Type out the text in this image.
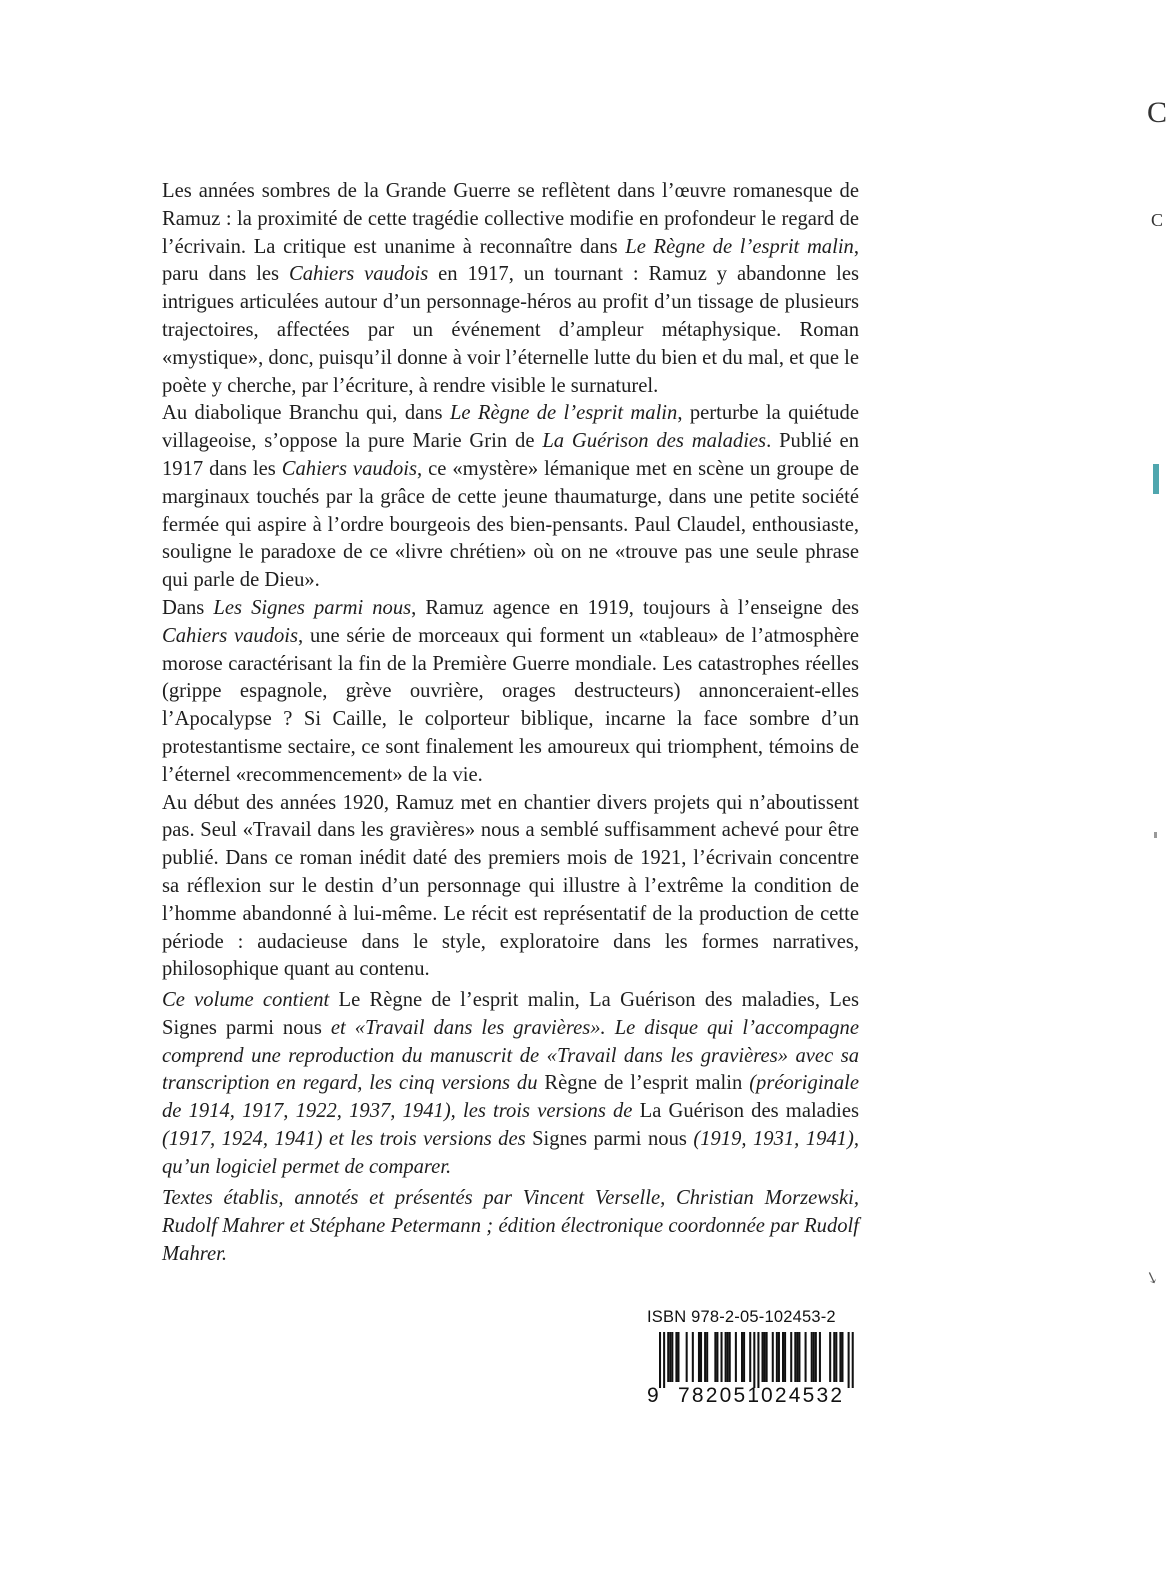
Les années sombres de la Grande Guerre se reflètent dans l’œuvre romanesque de Ramuz : la proximité de cette tragédie collective modifie en profondeur le regard de l’écrivain. La critique est unanime à reconnaître dans Le Règne de l’esprit malin, paru dans les Cahiers vaudois en 1917, un tournant : Ramuz y abandonne les intrigues articulées autour d’un personnage-héros au profit d’un tissage de plusieurs trajectoires, affectées par un événement d’ampleur métaphysique. Roman «mystique», donc, puisqu’il donne à voir l’éternelle lutte du bien et du mal, et que le poète y cherche, par l’écriture, à rendre visible le surnaturel.

Au diabolique Branchu qui, dans Le Règne de l’esprit malin, perturbe la quiétude villageoise, s’oppose la pure Marie Grin de La Guérison des maladies. Publié en 1917 dans les Cahiers vaudois, ce «mystère» lémanique met en scène un groupe de marginaux touchés par la grâce de cette jeune thaumaturge, dans une petite société fermée qui aspire à l’ordre bourgeois des bien-pensants. Paul Claudel, enthousiaste, souligne le paradoxe de ce «livre chrétien» où on ne «trouve pas une seule phrase qui parle de Dieu».

Dans Les Signes parmi nous, Ramuz agence en 1919, toujours à l’enseigne des Cahiers vaudois, une série de morceaux qui forment un «tableau» de l’atmosphère morose caractérisant la fin de la Première Guerre mondiale. Les catastrophes réelles (grippe espagnole, grève ouvrière, orages destructeurs) annonceraient-elles l’Apocalypse ? Si Caille, le colporteur biblique, incarne la face sombre d’un protestantisme sectaire, ce sont finalement les amoureux qui triomphent, témoins de l’éternel «recommencement» de la vie.

Au début des années 1920, Ramuz met en chantier divers projets qui n’aboutissent pas. Seul «Travail dans les gravières» nous a semblé suffisamment achevé pour être publié. Dans ce roman inédit daté des premiers mois de 1921, l’écrivain concentre sa réflexion sur le destin d’un personnage qui illustre à l’extrême la condition de l’homme abandonné à lui-même. Le récit est représentatif de la production de cette période : audacieuse dans le style, exploratoire dans les formes narratives, philosophique quant au contenu.

Ce volume contient Le Règne de l’esprit malin, La Guérison des maladies, Les Signes parmi nous et «Travail dans les gravières». Le disque qui l’accompagne comprend une reproduction du manuscrit de «Travail dans les gravières» avec sa transcription en regard, les cinq versions du Règne de l’esprit malin (préoriginale de 1914, 1917, 1922, 1937, 1941), les trois versions de La Guérison des maladies (1917, 1924, 1941) et les trois versions des Signes parmi nous (1919, 1931, 1941), qu’un logiciel permet de comparer.

Textes établis, annotés et présentés par Vincent Verselle, Christian Morzewski, Rudolf Mahrer et Stéphane Petermann ; édition électronique coordonnée par Rudolf Mahrer.

C
C
↘
ISBN 978-2-05-102453-2
9 782051 024532
